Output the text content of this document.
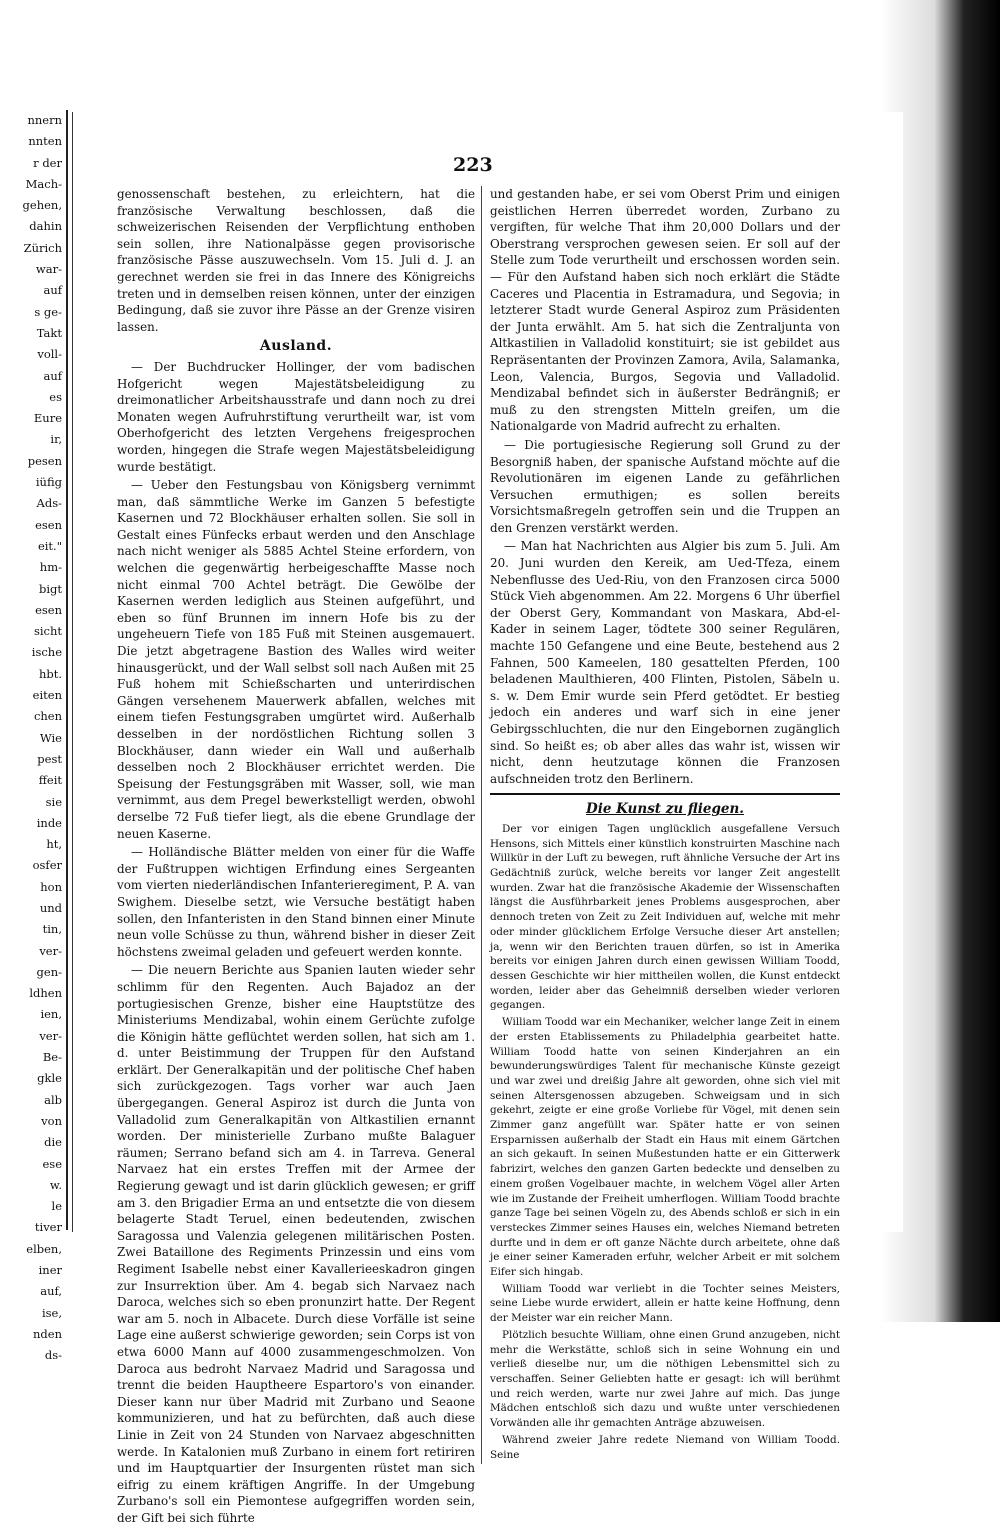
nnern
nnten
r der
Mach-
gehen,
dahin
Zürich
war-
auf
s ge-
Takt
voll-
auf
es
Eure
ir,
pesen
iüfig
Ads-
esen
eit."
hm-
bigt
esen
sicht
ische
hbt.
eiten
chen
Wie
pest
ffeit
sie
inde
ht,
osfer
hon
und
tin,
ver-
gen-
ldhen
ien,
ver-
Be-
gkle
alb
von
die
ese
w.
le
tiver
elben,
iner
auf,
ise,
nden
ds-
223

genossenschaft bestehen, zu erleichtern, hat die französische Verwaltung beschlossen, daß die schweizerischen Reisenden der Verpflichtung enthoben sein sollen, ihre Nationalpässe gegen provisorische französische Pässe auszuwechseln. Vom 15. Juli d. J. an gerechnet werden sie frei in das Innere des Königreichs treten und in demselben reisen können, unter der einzigen Bedingung, daß sie zuvor ihre Pässe an der Grenze visiren lassen.

Ausland.

— Der Buchdrucker Hollinger, der vom badischen Hofgericht wegen Majestätsbeleidigung zu dreimonatlicher Arbeitshausstrafe und dann noch zu drei Monaten wegen Aufruhrstiftung verurtheilt war, ist vom Oberhofgericht des letzten Vergehens freigesprochen worden, hingegen die Strafe wegen Majestätsbeleidigung wurde bestätigt.

— Ueber den Festungsbau von Königsberg vernimmt man, daß sämmtliche Werke im Ganzen 5 befestigte Kasernen und 72 Blockhäuser erhalten sollen. Sie soll in Gestalt eines Fünfecks erbaut werden und den Anschlage nach nicht weniger als 5885 Achtel Steine erfordern, von welchen die gegenwärtig herbeigeschaffte Masse noch nicht einmal 700 Achtel beträgt. Die Gewölbe der Kasernen werden lediglich aus Steinen aufgeführt, und eben so fünf Brunnen im innern Hofe bis zu der ungeheuern Tiefe von 185 Fuß mit Steinen ausgemauert. Die jetzt abgetragene Bastion des Walles wird weiter hinausgerückt, und der Wall selbst soll nach Außen mit 25 Fuß hohem mit Schießscharten und unterirdischen Gängen versehenem Mauerwerk abfallen, welches mit einem tiefen Festungsgraben umgürtet wird. Außerhalb desselben in der nordöstlichen Richtung sollen 3 Blockhäuser, dann wieder ein Wall und außerhalb desselben noch 2 Blockhäuser errichtet werden. Die Speisung der Festungsgräben mit Wasser, soll, wie man vernimmt, aus dem Pregel bewerkstelligt werden, obwohl derselbe 72 Fuß tiefer liegt, als die ebene Grundlage der neuen Kaserne.

— Holländische Blätter melden von einer für die Waffe der Fußtruppen wichtigen Erfindung eines Sergeanten vom vierten niederländischen Infanterieregiment, P. A. van Swighem. Dieselbe setzt, wie Versuche bestätigt haben sollen, den Infanteristen in den Stand binnen einer Minute neun volle Schüsse zu thun, während bisher in dieser Zeit höchstens zweimal geladen und gefeuert werden konnte.

— Die neuern Berichte aus Spanien lauten wieder sehr schlimm für den Regenten. Auch Bajadoz an der portugiesischen Grenze, bisher eine Hauptstütze des Ministeriums Mendizabal, wohin einem Gerüchte zufolge die Königin hätte geflüchtet werden sollen, hat sich am 1. d. unter Beistimmung der Truppen für den Aufstand erklärt. Der Generalkapitän und der politische Chef haben sich zurückgezogen. Tags vorher war auch Jaen übergegangen. General Aspiroz ist durch die Junta von Valladolid zum Generalkapitän von Altkastilien ernannt worden. Der ministerielle Zurbano mußte Balaguer räumen; Serrano befand sich am 4. in Tarreva. General Narvaez hat ein erstes Treffen mit der Armee der Regierung gewagt und ist darin glücklich gewesen; er griff am 3. den Brigadier Erma an und entsetzte die von diesem belagerte Stadt Teruel, einen bedeutenden, zwischen Saragossa und Valenzia gelegenen militärischen Posten. Zwei Bataillone des Regiments Prinzessin und eins vom Regiment Isabelle nebst einer Kavallerieeskadron gingen zur Insurrektion über. Am 4. begab sich Narvaez nach Daroca, welches sich so eben pronunzirt hatte. Der Regent war am 5. noch in Albacete. Durch diese Vorfälle ist seine Lage eine außerst schwierige geworden; sein Corps ist von etwa 6000 Mann auf 4000 zusammengeschmolzen. Von Daroca aus bedroht Narvaez Madrid und Saragossa und trennt die beiden Hauptheere Espartoro's von einander. Dieser kann nur über Madrid mit Zurbano und Seaone kommunizieren, und hat zu befürchten, daß auch diese Linie in Zeit von 24 Stunden von Narvaez abgeschnitten werde. In Katalonien muß Zurbano in einem fort retiriren und im Hauptquartier der Insurgenten rüstet man sich eifrig zu einem kräftigen Angriffe. In der Umgebung Zurbano's soll ein Piemontese aufgegriffen worden sein, der Gift bei sich führte

und gestanden habe, er sei vom Oberst Prim und einigen geistlichen Herren überredet worden, Zurbano zu vergiften, für welche That ihm 20,000 Dollars und der Oberstrang versprochen gewesen seien. Er soll auf der Stelle zum Tode verurtheilt und erschossen worden sein. — Für den Aufstand haben sich noch erklärt die Städte Caceres und Placentia in Estramadura, und Segovia; in letzterer Stadt wurde General Aspiroz zum Präsidenten der Junta erwählt. Am 5. hat sich die Zentraljunta von Altkastilien in Valladolid konstituirt; sie ist gebildet aus Repräsentanten der Provinzen Zamora, Avila, Salamanka, Leon, Valencia, Burgos, Segovia und Valladolid. Mendizabal befindet sich in äußerster Bedrängniß; er muß zu den strengsten Mitteln greifen, um die Nationalgarde von Madrid aufrecht zu erhalten.

— Die portugiesische Regierung soll Grund zu der Besorgniß haben, der spanische Aufstand möchte auf die Revolutionären im eigenen Lande zu gefährlichen Versuchen ermuthigen; es sollen bereits Vorsichtsmaßregeln getroffen sein und die Truppen an den Grenzen verstärkt werden.

— Man hat Nachrichten aus Algier bis zum 5. Juli. Am 20. Juni wurden den Kereik, am Ued-Tfeza, einem Nebenflusse des Ued-Riu, von den Franzosen circa 5000 Stück Vieh abgenommen. Am 22. Morgens 6 Uhr überfiel der Oberst Gery, Kommandant von Maskara, Abd-el-Kader in seinem Lager, tödtete 300 seiner Regulären, machte 150 Gefangene und eine Beute, bestehend aus 2 Fahnen, 500 Kameelen, 180 gesattelten Pferden, 100 beladenen Maulthieren, 400 Flinten, Pistolen, Säbeln u. s. w. Dem Emir wurde sein Pferd getödtet. Er bestieg jedoch ein anderes und warf sich in eine jener Gebirgsschluchten, die nur den Eingebornen zugänglich sind. So heißt es; ob aber alles das wahr ist, wissen wir nicht, denn heutzutage können die Franzosen aufschneiden trotz den Berlinern.

Die Kunst zu fliegen.

Der vor einigen Tagen unglücklich ausgefallene Versuch Hensons, sich Mittels einer künstlich konstruirten Maschine nach Willkür in der Luft zu bewegen, ruft ähnliche Versuche der Art ins Gedächtniß zurück, welche bereits vor langer Zeit angestellt wurden. Zwar hat die französische Akademie der Wissenschaften längst die Ausführbarkeit jenes Problems ausgesprochen, aber dennoch treten von Zeit zu Zeit Individuen auf, welche mit mehr oder minder glücklichem Erfolge Versuche dieser Art anstellen; ja, wenn wir den Berichten trauen dürfen, so ist in Amerika bereits vor einigen Jahren durch einen gewissen William Toodd, dessen Geschichte wir hier mittheilen wollen, die Kunst entdeckt worden, leider aber das Geheimniß derselben wieder verloren gegangen.

William Toodd war ein Mechaniker, welcher lange Zeit in einem der ersten Etablissements zu Philadelphia gearbeitet hatte. William Toodd hatte von seinen Kinderjahren an ein bewunderungswürdiges Talent für mechanische Künste gezeigt und war zwei und dreißig Jahre alt geworden, ohne sich viel mit seinen Altersgenossen abzugeben. Schweigsam und in sich gekehrt, zeigte er eine große Vorliebe für Vögel, mit denen sein Zimmer ganz angefüllt war. Später hatte er von seinen Ersparnissen außerhalb der Stadt ein Haus mit einem Gärtchen an sich gekauft. In seinen Mußestunden hatte er ein Gitterwerk fabrizirt, welches den ganzen Garten bedeckte und denselben zu einem großen Vogelbauer machte, in welchem Vögel aller Arten wie im Zustande der Freiheit umherflogen. William Toodd brachte ganze Tage bei seinen Vögeln zu, des Abends schloß er sich in ein versteckes Zimmer seines Hauses ein, welches Niemand betreten durfte und in dem er oft ganze Nächte durch arbeitete, ohne daß je einer seiner Kameraden erfuhr, welcher Arbeit er mit solchem Eifer sich hingab.

William Toodd war verliebt in die Tochter seines Meisters, seine Liebe wurde erwidert, allein er hatte keine Hoffnung, denn der Meister war ein reicher Mann.

Plötzlich besuchte William, ohne einen Grund anzugeben, nicht mehr die Werkstätte, schloß sich in seine Wohnung ein und verließ dieselbe nur, um die nöthigen Lebensmittel sich zu verschaffen. Seiner Geliebten hatte er gesagt: ich will berühmt und reich werden, warte nur zwei Jahre auf mich. Das junge Mädchen entschloß sich dazu und wußte unter verschiedenen Vorwänden alle ihr gemachten Anträge abzuweisen.

Während zweier Jahre redete Niemand von William Toodd. Seine
